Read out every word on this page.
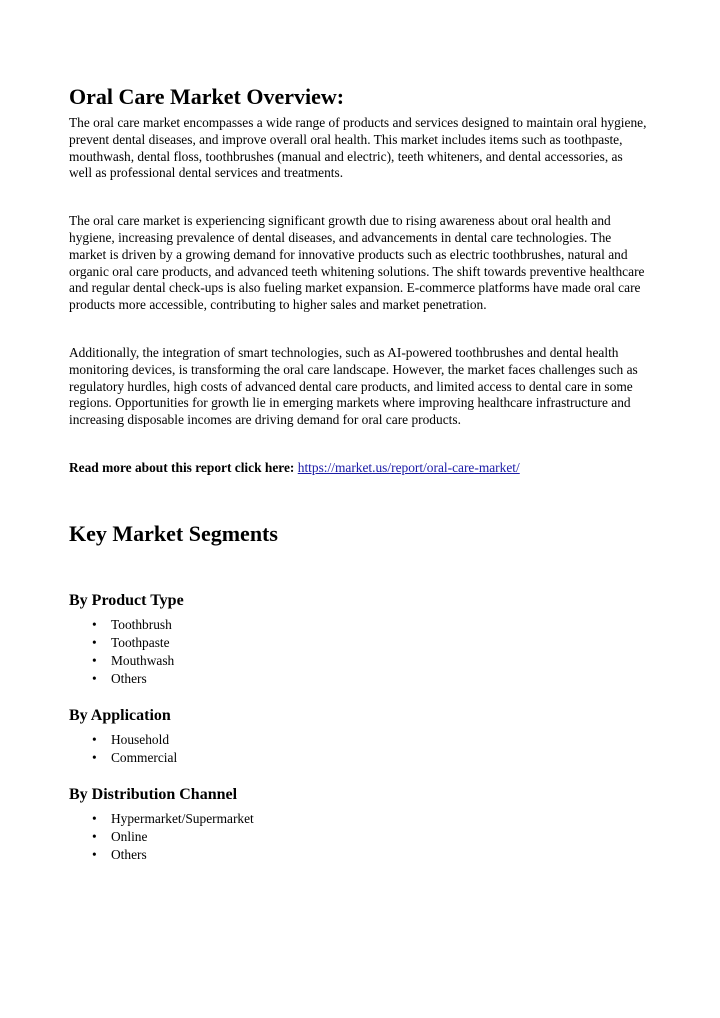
Oral Care Market Overview:

The oral care market encompasses a wide range of products and services designed to maintain oral hygiene, prevent dental diseases, and improve overall oral health. This market includes items such as toothpaste, mouthwash, dental floss, toothbrushes (manual and electric), teeth whiteners, and dental accessories, as well as professional dental services and treatments.

The oral care market is experiencing significant growth due to rising awareness about oral health and hygiene, increasing prevalence of dental diseases, and advancements in dental care technologies. The market is driven by a growing demand for innovative products such as electric toothbrushes, natural and organic oral care products, and advanced teeth whitening solutions. The shift towards preventive healthcare and regular dental check-ups is also fueling market expansion. E-commerce platforms have made oral care products more accessible, contributing to higher sales and market penetration.

Additionally, the integration of smart technologies, such as AI-powered toothbrushes and dental health monitoring devices, is transforming the oral care landscape. However, the market faces challenges such as regulatory hurdles, high costs of advanced dental care products, and limited access to dental care in some regions. Opportunities for growth lie in emerging markets where improving healthcare infrastructure and increasing disposable incomes are driving demand for oral care products.

Read more about this report click here: https://market.us/report/oral-care-market/

Key Market Segments
By Product Type
• Toothbrush
• Toothpaste
• Mouthwash
• Others
By Application
• Household
• Commercial
By Distribution Channel
• Hypermarket/Supermarket
• Online
• Others
